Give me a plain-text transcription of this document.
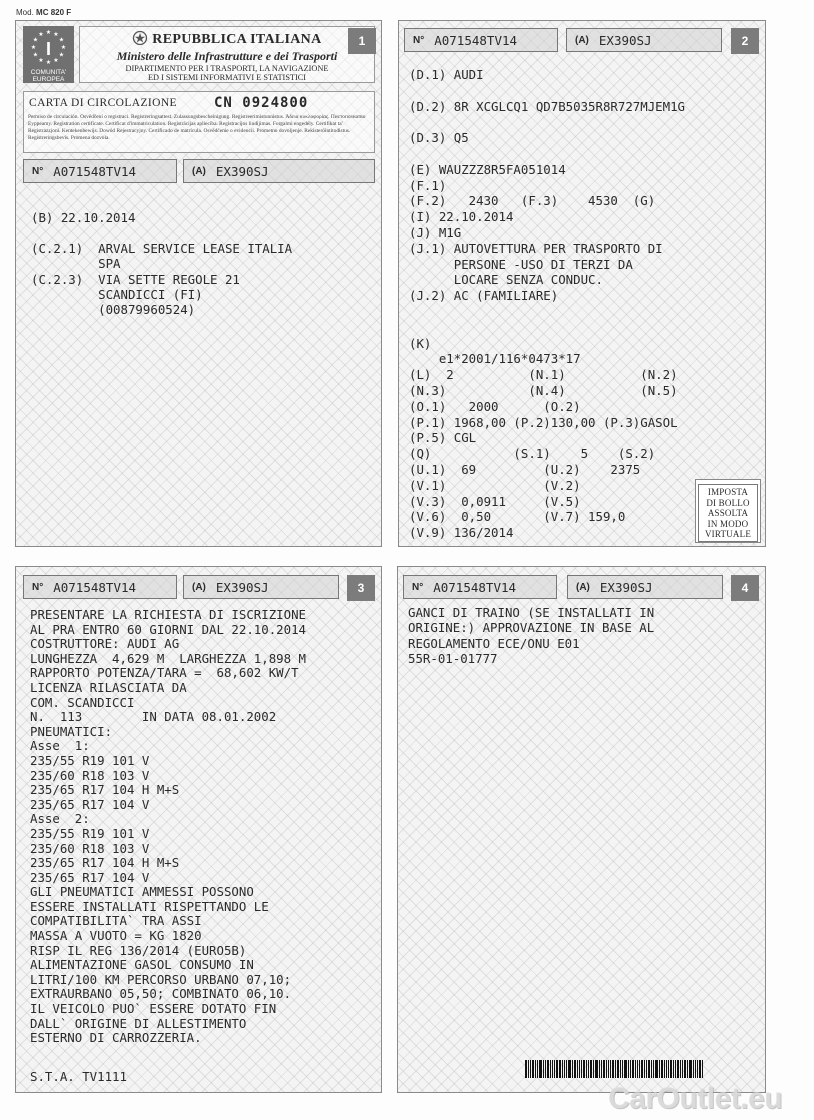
Mod. MC 820 F
★ ★
★
★
★
★
★
★
★
★
★
★
I
COMUNITA'
EUROPEA
REPUBBLICA ITALIANA
Ministero delle Infrastrutture e dei Trasporti
DIPARTIMENTO PER I TRASPORTI, LA NAVIGAZIONE
ED I SISTEMI INFORMATIVI E STATISTICI
1
CARTA DI CIRCOLAZIONE	CN 0924800
Permiso de circulación. Osvědčení o registraci. Registreringsattest. Zulassungsbescheinigung. Registreerimistunnistus. Άδεια κυκλοφορίας. Пистопознатво Eyppeamy. Registration certificate. Certificat d'immatriculation. Registrācijas apliecība. Registracijos liudijimas. Forgalmi engedély. Certifikat ta' Registrazzjoni. Kentekenbewijs. Dowód Rejestracyjny. Certificado de matrícula. Osvědčenie o evidencii. Prometno dovoljenje. Rekisteröintitodistus. Registreringsbevis. Promena dozvola.
N° A071548TV14	(A) EX390SJ
(B) 22.10.2014

(C.2.1)  ARVAL SERVICE LEASE ITALIA
SPA
(C.2.3)  VIA SETTE REGOLE 21
SCANDICCI (FI)
(00879960524)
N° A071548TV14	(A) EX390SJ	2
(D.1) AUDI

(D.2) 8R XCGLCQ1 QD7B5035R8R727MJEM1G

(D.3) Q5

(E) WAUZZZ8R5FA051014
(F.1)
(F.2)   2430   (F.3)    4530  (G)
(I) 22.10.2014
(J) M1G
(J.1) AUTOVETTURA PER TRASPORTO DI
PERSONE -USO DI TERZI DA
LOCARE SENZA CONDUC.
(J.2) AC (FAMILIARE)

(K)
e1*2001/116*0473*17
(L)  2          (N.1)          (N.2)
(N.3)           (N.4)          (N.5)
(O.1)   2000      (O.2)
(P.1) 1968,00 (P.2)130,00 (P.3)GASOL
(P.5) CGL
(Q)           (S.1)    5    (S.2)
(U.1)  69         (U.2)    2375
(V.1)             (V.2)
(V.3)  0,0911     (V.5)
(V.6)  0,50       (V.7) 159,0
(V.9) 136/2014
IMPOSTA
DI BOLLO
ASSOLTA
IN MODO
VIRTUALE
N° A071548TV14	(A) EX390SJ	3
PRESENTARE LA RICHIESTA DI ISCRIZIONE
AL PRA ENTRO 60 GIORNI DAL 22.10.2014
COSTRUTTORE: AUDI AG
LUNGHEZZA  4,629 M  LARGHEZZA 1,898 M
RAPPORTO POTENZA/TARA =  68,602 KW/T
LICENZA RILASCIATA DA
COM. SCANDICCI
N.  113        IN DATA 08.01.2002
PNEUMATICI:
Asse  1:
235/55 R19 101 V
235/60 R18 103 V
235/65 R17 104 H M+S
235/65 R17 104 V
Asse  2:
235/55 R19 101 V
235/60 R18 103 V
235/65 R17 104 H M+S
235/65 R17 104 V
GLI PNEUMATICI AMMESSI POSSONO
ESSERE INSTALLATI RISPETTANDO LE
COMPATIBILITA` TRA ASSI
MASSA A VUOTO = KG 1820
RISP IL REG 136/2014 (EURO5B)
ALIMENTAZIONE GASOL CONSUMO IN
LITRI/100 KM PERCORSO URBANO 07,10;
EXTRAURBANO 05,50; COMBINATO 06,10.
IL VEICOLO PUO` ESSERE DOTATO FIN
DALL` ORIGINE DI ALLESTIMENTO
ESTERNO DI CARROZZERIA.
S.T.A. TV1111
N° A071548TV14	(A) EX390SJ	4
GANCI DI TRAINO (SE INSTALLATI IN
ORIGINE:) APPROVAZIONE IN BASE AL
REGOLAMENTO ECE/ONU E01
55R-01-01777
CarOutlet.eu
